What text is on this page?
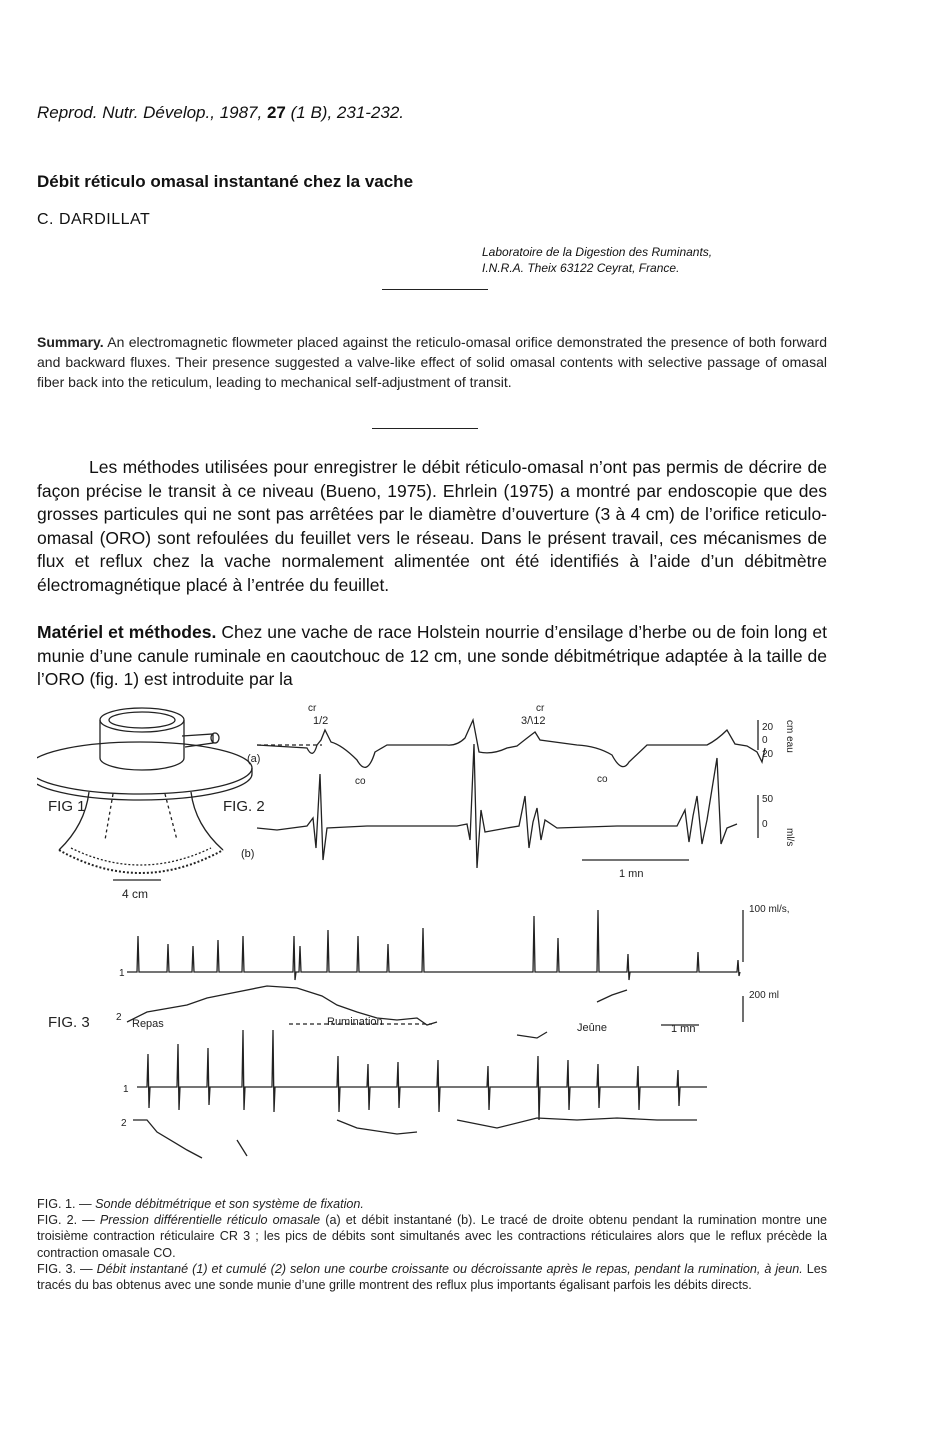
Reprod. Nutr. Dévelop., 1987, 27 (1 B), 231-232.
Débit réticulo omasal instantané chez la vache
C. DARDILLAT
Laboratoire de la Digestion des Ruminants,
I.N.R.A. Theix 63122 Ceyrat, France.
Summary. An electromagnetic flowmeter placed against the reticulo-omasal orifice demonstrated the presence of both forward and backward fluxes. Their presence suggested a valve-like effect of solid omasal contents with selective passage of omasal fiber back into the reticulum, leading to mechanical self-adjustment of transit.
Les méthodes utilisées pour enregistrer le débit réticulo-omasal n’ont pas permis de décrire de façon précise le transit à ce niveau (Bueno, 1975). Ehrlein (1975) a montré par endoscopie que des grosses particules qui ne sont pas arrêtées par le diamètre d’ouverture (3 à 4 cm) de l’orifice reticulo-omasal (ORO) sont refoulées du feuillet vers le réseau. Dans le présent travail, ces mécanismes de flux et reflux chez la vache normalement alimentée ont été identifiés à l’aide d’un débitmètre électromagnétique placé à l’entrée du feuillet.
Matériel et méthodes. Chez une vache de race Holstein nourrie d’ensilage d’herbe ou de foin long et munie d’une canule ruminale en caoutchouc de 12 cm, une sonde débitmétrique adaptée à la taille de l’ORO (fig. 1) est introduite par la
FIG 1
4 cm
FIG. 2
(a)
(b)
cr
1/2
cr
3/\12
co	co
20
0
20
cm eau
50
0
ml/s
1 mn
100 ml/s,
200 ml
1
FIG. 3	2
Repas	Rumination	Jeûne	1 mn
1
2

FIG. 1. — Sonde débitmétrique et son système de fixation.

FIG. 2. — Pression différentielle réticulo omasale (a) et débit instantané (b). Le tracé de droite obtenu pendant la rumination montre une troisième contraction réticulaire CR 3 ; les pics de débits sont simultanés avec les contractions réticulaires alors que le reflux précède la contraction omasale CO.

FIG. 3. — Débit instantané (1) et cumulé (2) selon une courbe croissante ou décroissante après le repas, pendant la rumination, à jeun. Les tracés du bas obtenus avec une sonde munie d’une grille montrent des reflux plus importants égalisant parfois les débits directs.
